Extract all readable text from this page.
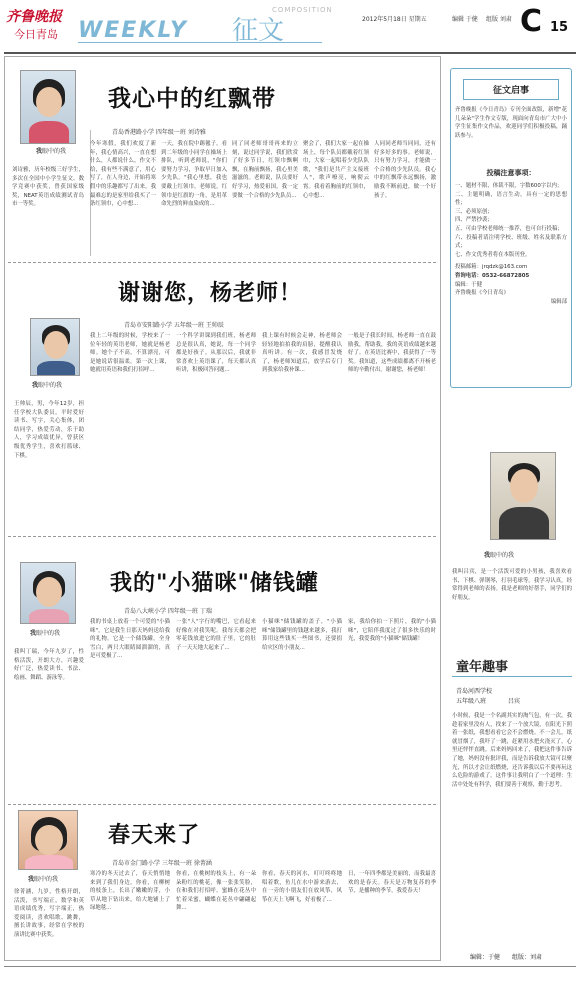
齐鲁晚报
今日青岛 WEEKLY 征文
COMPOSITION
2012年5月18日 星期五	编辑 于健 组版 刘肃 C 15
我眼中的我
刘诗雅，历年校级三好学生，多次在全国中小学生征文、数学竞赛中获奖，曾获国家级奖，NEAT英语成绩测试青岛市一等奖。
我心中的红飘带
青岛香港路小学 四年级一班 刘诗雅
今年寒假，我们欢度了新年，我心情高兴，一直在想什么，人都说什么，作文不给，我有些不满意了，用心写了，在人身边，开始将寒假中的乐趣都写了出来，我最难忘的是家里给我买了一条红领巾，心中想...
一天，我在院中踢毽子，看到二年级的小同学在操场上排队，听到老师说，"你们要努力学习，争取早日加入少先队。"我心里想，我也要戴上红领巾。老师说，红领巾是红旗的一角，是用革命先烈的鲜血染成的...
同了同老师哥哥再来的立刻，说过同学说，我们欣赏了好多节日，红领巾飘啊飘，在胸前飘扬，我心里美滋滋的。老师说，队员要好好学习，热爱祖国，我一定要做一个合格的少先队员...
聚会了，我们大家一起在操场上，每个队员都戴着红领巾，大家一起唱着少先队队歌，"我们是共产主义接班人"，歌声嘹亮，响彻云霄。我看着胸前的红领巾，心中想...
人同同老师当同同，还有好多好多的事。老师说，只有努力学习，才能做一个合格的少先队员。我心中的红飘带永远飘扬，激励我不断前进，做一个好孩子。
我眼中的我
王帅辰，男，今年12岁，担任学校大队委员，平时爱好读书、写字，关心集体，团结同学，热爱劳动，乐于助人，学习成绩优异，曾获区级优秀学生，喜欢打篮球、下棋。
谢谢您，杨老师！
青岛市安阳路小学 五年级一班 王帅辰
我上二年级的时候，学校来了一位年轻的英语老师，她就是杨老师。她个子不高，不算漂亮，可是她说话很温柔。第一次上课，她就用英语和我们打招呼...
一个科学讲课到我们班，杨老师总是很认真，她说，每一个同学都是好孩子。从那以后，我就非常喜欢上英语课了，每天都认真听讲，积极回答问题...
我上课有时候会走神，杨老师会轻轻地拍拍我的肩膀，提醒我认真听讲。有一次，我感冒发烧了，杨老师知道后，放学后专门到我家给我补课...
一般是子我长时间，杨老师一直在鼓励我，帮助我，我的英语成绩越来越好了。在英语比赛中，我获得了一等奖。我知道，这些成绩都离不开杨老师的辛勤付出。谢谢您，杨老师！
我眼中的我
我叫丁瑞，今年九岁了，性格活泼，开朗大方，兴趣爱好广泛，热爱读书、书法、绘画、舞蹈、游泳等。
我的"小猫咪"储钱罐
青岛八大峡小学 四年级一班 丁瑞
我的书桌上放着一个可爱的"小猫咪"，它是我生日那天妈妈送给我的礼物。它是一个储钱罐，全身雪白，两只大眼睛圆溜溜的，真是可爱极了...
一张"人"字行的嘴巴，它看起来好像在对我笑呢。我每天都会把零花钱放进它的肚子里，它的肚子一天天地大起来了...
小猫咪"储钱罐的盖子，"小猫咪"储钱罐里的钱越来越多，我打算用这些钱买一些图书，还要捐给灾区的小朋友...
家，我给你拍一下照片，我的"小猫咪"，它陪伴我度过了很多快乐的时光，我爱我的"小猫咪"储钱罐！
我眼中的我
徐菁涵，九岁，性格开朗，活泼，书写端正，数学和英语成绩优秀，写字端正，热爱阅读，喜欢唱歌、跳舞，擅长讲故事，经常在学校的演讲比赛中获奖。
春天来了
青岛市金门路小学 三年级一班 徐菁涵
寒冷的冬天过去了，春天悄悄地来到了我们身边。你看，在柳树的枝条上，长出了嫩嫩的芽，小草从地下钻出来，给大地铺上了绿地毯...
你看，在桃树的枝头上，有一朵朵粉红的桃花，像一张张笑脸，在和我们打招呼。蜜蜂在花丛中忙着采蜜，蝴蝶在花丛中翩翩起舞...
你看，春天的河水，叮叮咚咚地唱着歌，鱼儿在水中游来游去，在一旁的小朋友们在放风筝，风筝在天上飞啊飞，好看极了...
日，一年四季都是美丽的，而我最喜欢的是春天。春天是万物复苏的季节，是播种的季节，我爱春天！
征文启事
齐鲁晚报《今日青岛》专刊全面改版，新增"花儿朵朵"学生作文专版，现面向青岛市广大中小学生征集作文作品，欢迎同学们积极投稿，踊跃参与。
投稿注意事项：
一、题材不限，体裁不限，字数600字以内；
二、主题明确，语言生动，具有一定的思想性；
三、必须原创；
四、严禁抄袭；
五、可由学校老师统一推荐，也可自行投稿；
六、投稿者请注明学校、班级、姓名及联系方式；
七、作文优秀者将在本版刊登。
投稿邮箱：jrqdzk@163.com
咨询电话：0532-66872805
编辑：于健
齐鲁晚报《今日青岛》
编辑部
我眼中的我
我叫吕宾，是一个活泼可爱的小男孩，我喜欢看书、下棋、弹钢琴，打羽毛球等。我学习认真，经常得到老师的表扬。我是老师的好帮手，同学们的好朋友。
童年趣事
青岛河西学校
五年级八班	吕宾
小时候，我是一个名副其实的淘气包，有一次，我趁着家里没有人，找来了一个放大镜，在阳光下照着一张纸，我想看看它会不会燃烧。不一会儿，纸就冒烟了，我吓了一跳，赶紧用水把火浇灭了，心里还怦怦直跳。后来妈妈回来了，我把这件事告诉了她，妈妈没有批评我，而是告诉我放大镜可以聚光，所以才会让纸燃烧，还告诉我以后不要再玩这么危险的游戏了。这件事让我明白了一个道理：生活中处处有科学，我们要善于观察，勤于思考。
编辑：于健 组版：刘肃
